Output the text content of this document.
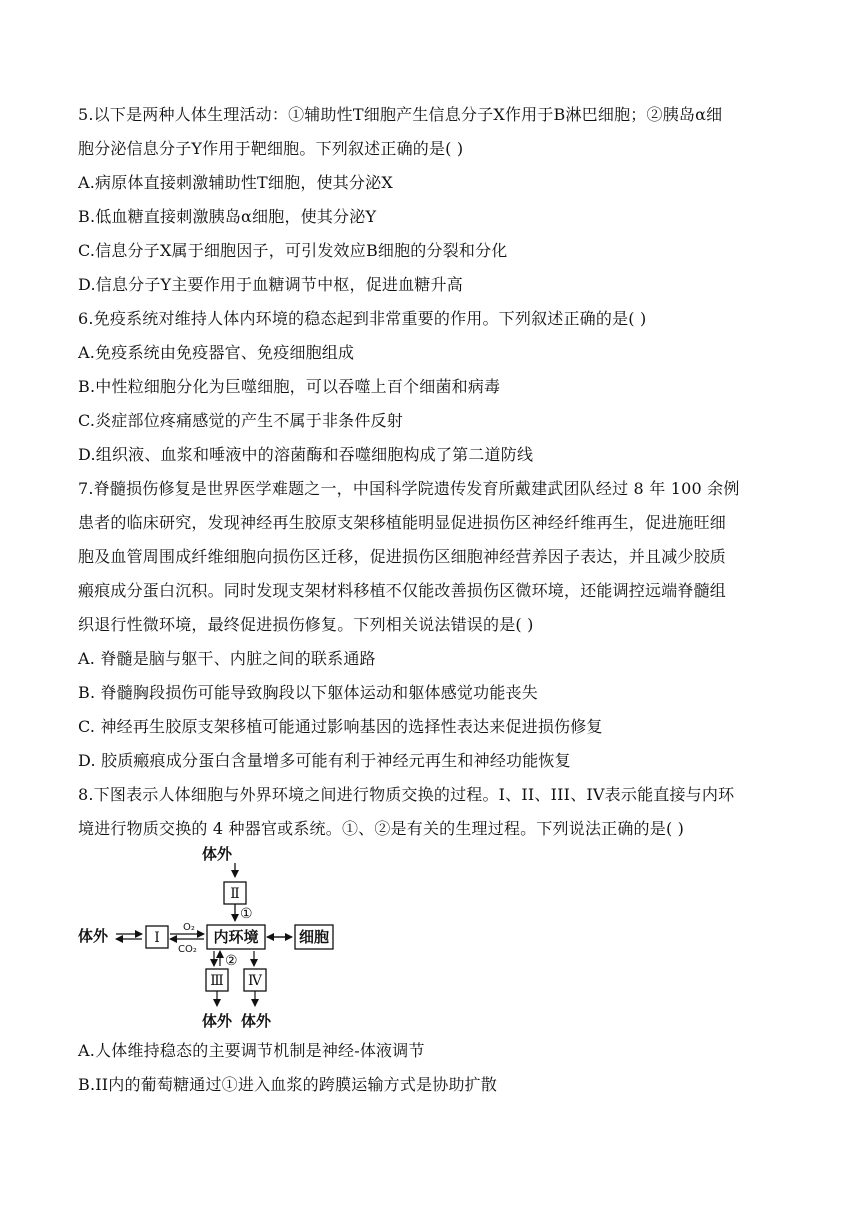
5.以下是两种人体生理活动：①辅助性T细胞产生信息分子X作用于B淋巴细胞；②胰岛α细
胞分泌信息分子Y作用于靶细胞。下列叙述正确的是( )
A.病原体直接刺激辅助性T细胞，使其分泌X
B.低血糖直接刺激胰岛α细胞，使其分泌Y
C.信息分子X属于细胞因子，可引发效应B细胞的分裂和分化
D.信息分子Y主要作用于血糖调节中枢，促进血糖升高
6.免疫系统对维持人体内环境的稳态起到非常重要的作用。下列叙述正确的是( )
A.免疫系统由免疫器官、免疫细胞组成
B.中性粒细胞分化为巨噬细胞，可以吞噬上百个细菌和病毒
C.炎症部位疼痛感觉的产生不属于非条件反射
D.组织液、血浆和唾液中的溶菌酶和吞噬细胞构成了第二道防线
7.脊髓损伤修复是世界医学难题之一，中国科学院遗传发育所戴建武团队经过 8 年 100 余例
患者的临床研究，发现神经再生胶原支架移植能明显促进损伤区神经纤维再生，促进施旺细
胞及血管周围成纤维细胞向损伤区迁移，促进损伤区细胞神经营养因子表达，并且减少胶质
瘢痕成分蛋白沉积。同时发现支架材料移植不仅能改善损伤区微环境，还能调控远端脊髓组
织退行性微环境，最终促进损伤修复。下列相关说法错误的是( )
A. 脊髓是脑与躯干、内脏之间的联系通路
B. 脊髓胸段损伤可能导致胸段以下躯体运动和躯体感觉功能丧失
C. 神经再生胶原支架移植可能通过影响基因的选择性表达来促进损伤修复
D. 胶质瘢痕成分蛋白含量增多可能有利于神经元再生和神经功能恢复
8.下图表示人体细胞与外界环境之间进行物质交换的过程。I、II、III、IV表示能直接与内环
境进行物质交换的 4 种器官或系统。①、②是有关的生理过程。下列说法正确的是( )
体外
Ⅱ
①
体外	Ⅰ
O₂
CO₂
内环境	细胞
②
Ⅲ Ⅳ
体外 体外
A.人体维持稳态的主要调节机制是神经-体液调节
B.II内的葡萄糖通过①进入血浆的跨膜运输方式是协助扩散
